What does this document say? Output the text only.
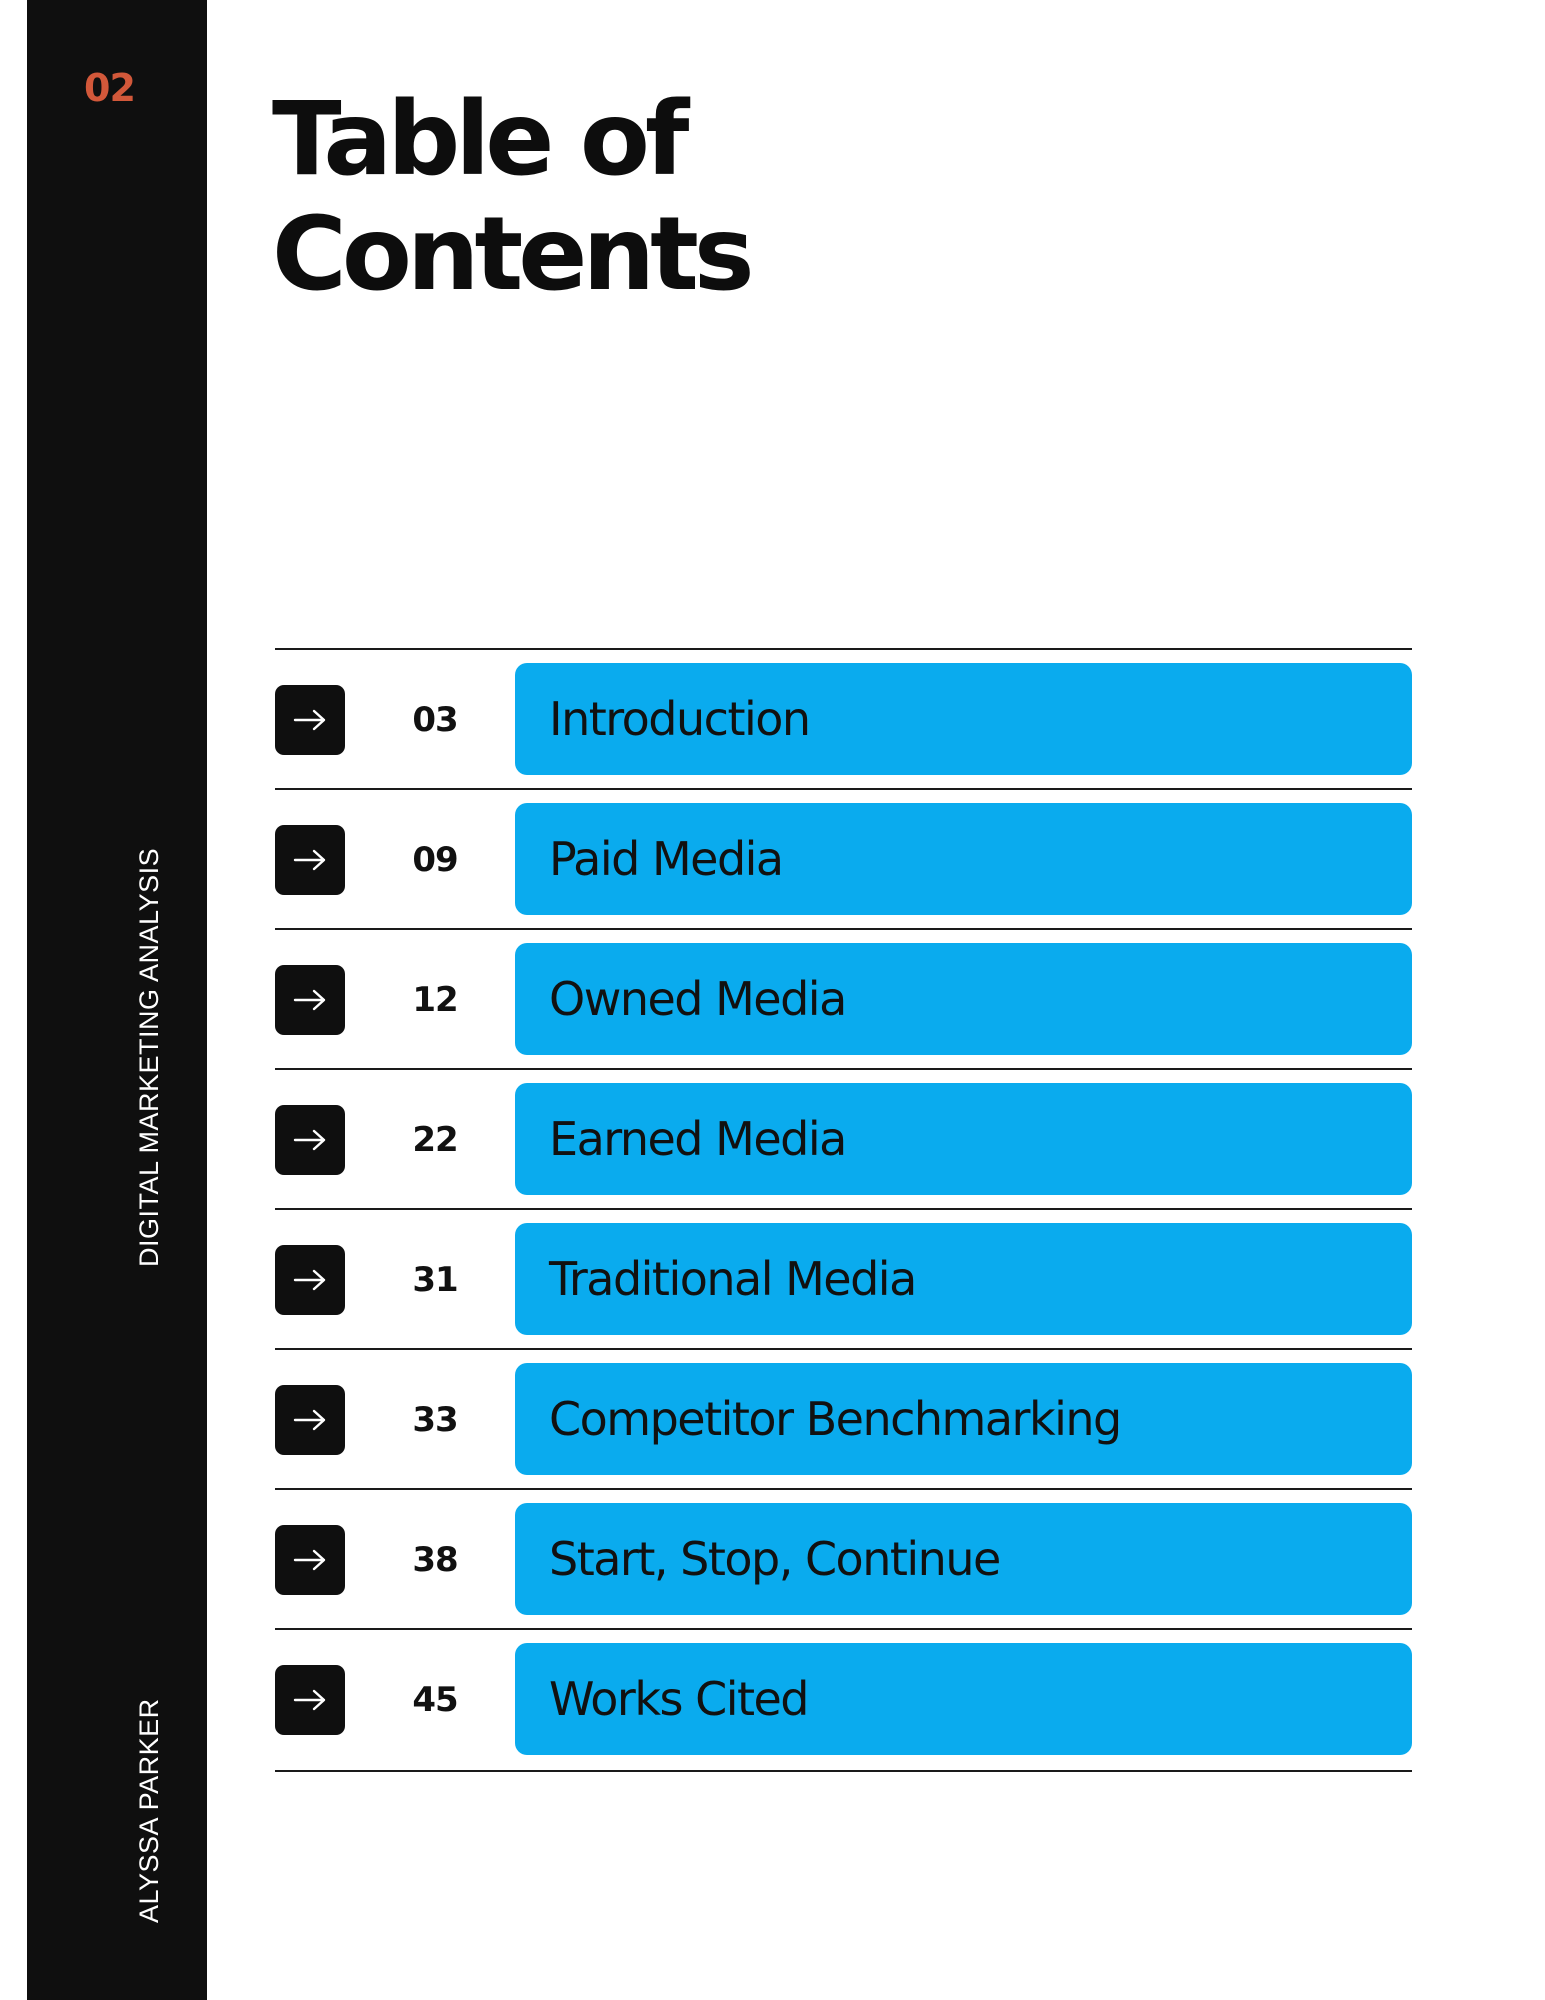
02
DIGITAL MARKETING ANALYSIS
ALYSSA PARKER
Table of
Contents
03	Introduction
09	Paid Media
12	Owned Media
22	Earned Media
31	Traditional Media
33	Competitor Benchmarking
38	Start, Stop, Continue
45	Works Cited
